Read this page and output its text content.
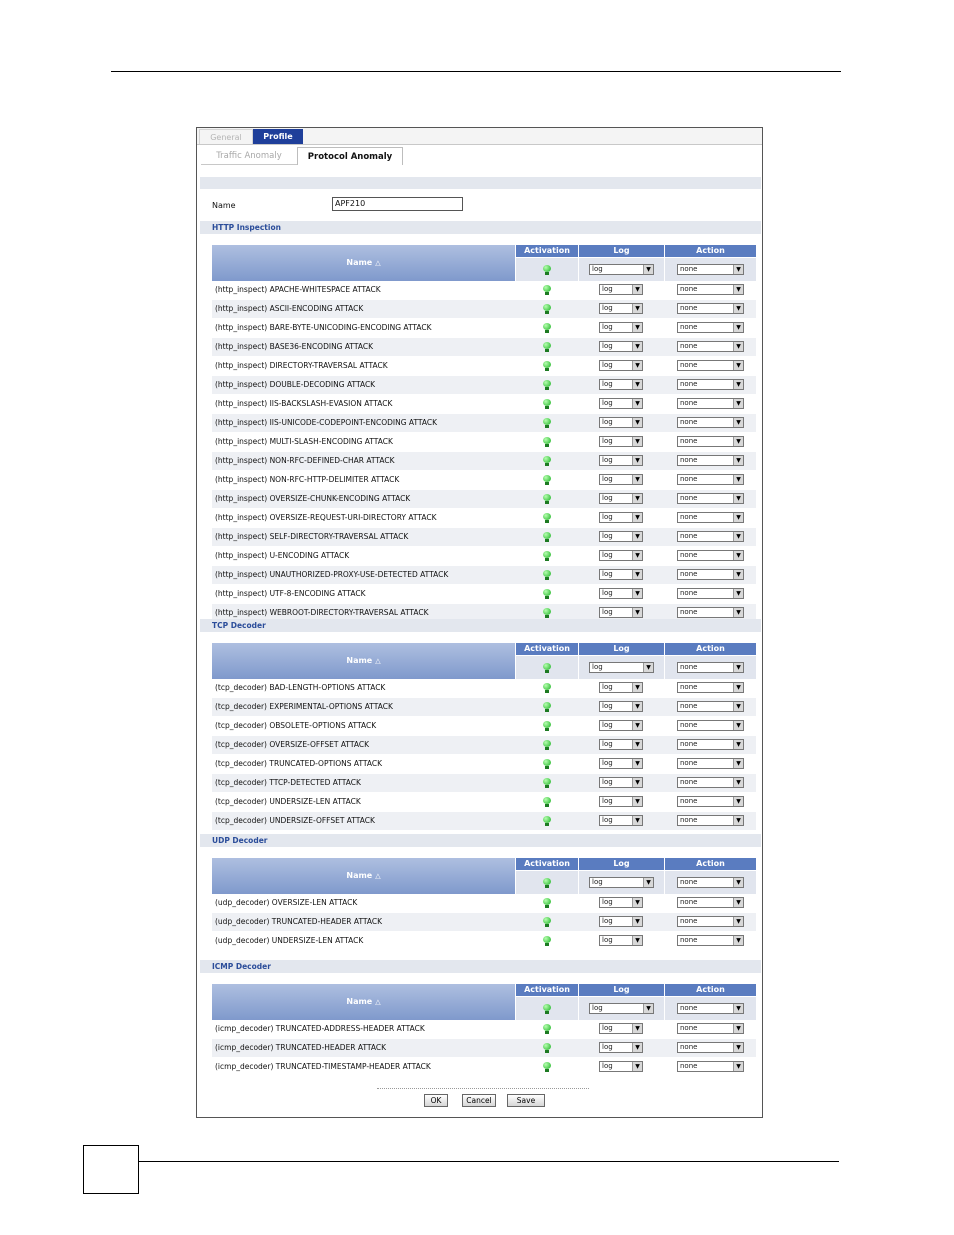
General	Profile
Traffic Anomaly	Protocol Anomaly
Name	APF210
HTTP Inspection
Name △
Activation	Log	Action
log	▼	none	▼
(http_inspect) APACHE-WHITESPACE ATTACK	log	▼	none	▼
(http_inspect) ASCII-ENCODING ATTACK	log	▼	none	▼
(http_inspect) BARE-BYTE-UNICODING-ENCODING ATTACK	log	▼	none	▼
(http_inspect) BASE36-ENCODING ATTACK	log	▼	none	▼
(http_inspect) DIRECTORY-TRAVERSAL ATTACK	log	▼	none	▼
(http_inspect) DOUBLE-DECODING ATTACK	log	▼	none	▼
(http_inspect) IIS-BACKSLASH-EVASION ATTACK	log	▼	none	▼
(http_inspect) IIS-UNICODE-CODEPOINT-ENCODING ATTACK	log	▼	none	▼
(http_inspect) MULTI-SLASH-ENCODING ATTACK	log	▼	none	▼
(http_inspect) NON-RFC-DEFINED-CHAR ATTACK	log	▼	none	▼
(http_inspect) NON-RFC-HTTP-DELIMITER ATTACK	log	▼	none	▼
(http_inspect) OVERSIZE-CHUNK-ENCODING ATTACK	log	▼	none	▼
(http_inspect) OVERSIZE-REQUEST-URI-DIRECTORY ATTACK	log	▼	none	▼
(http_inspect) SELF-DIRECTORY-TRAVERSAL ATTACK	log	▼	none	▼
(http_inspect) U-ENCODING ATTACK	log	▼	none	▼
(http_inspect) UNAUTHORIZED-PROXY-USE-DETECTED ATTACK	log	▼	none	▼
(http_inspect) UTF-8-ENCODING ATTACK	log	▼	none	▼
(http_inspect) WEBROOT-DIRECTORY-TRAVERSAL ATTACK	log	▼	none	▼
TCP Decoder
Name △
Activation	Log	Action
log	▼	none	▼
(tcp_decoder) BAD-LENGTH-OPTIONS ATTACK	log	▼	none	▼
(tcp_decoder) EXPERIMENTAL-OPTIONS ATTACK	log	▼	none	▼
(tcp_decoder) OBSOLETE-OPTIONS ATTACK	log	▼	none	▼
(tcp_decoder) OVERSIZE-OFFSET ATTACK	log	▼	none	▼
(tcp_decoder) TRUNCATED-OPTIONS ATTACK	log	▼	none	▼
(tcp_decoder) TTCP-DETECTED ATTACK	log	▼	none	▼
(tcp_decoder) UNDERSIZE-LEN ATTACK	log	▼	none	▼
(tcp_decoder) UNDERSIZE-OFFSET ATTACK	log	▼	none	▼
UDP Decoder
Name △
Activation	Log	Action
log	▼	none	▼
(udp_decoder) OVERSIZE-LEN ATTACK	log	▼	none	▼
(udp_decoder) TRUNCATED-HEADER ATTACK	log	▼	none	▼
(udp_decoder) UNDERSIZE-LEN ATTACK	log	▼	none	▼
ICMP Decoder
Name △
Activation	Log	Action
log	▼	none	▼
(icmp_decoder) TRUNCATED-ADDRESS-HEADER ATTACK	log	▼	none	▼
(icmp_decoder) TRUNCATED-HEADER ATTACK	log	▼	none	▼
(icmp_decoder) TRUNCATED-TIMESTAMP-HEADER ATTACK	log	▼	none	▼
OK	Cancel	Save
